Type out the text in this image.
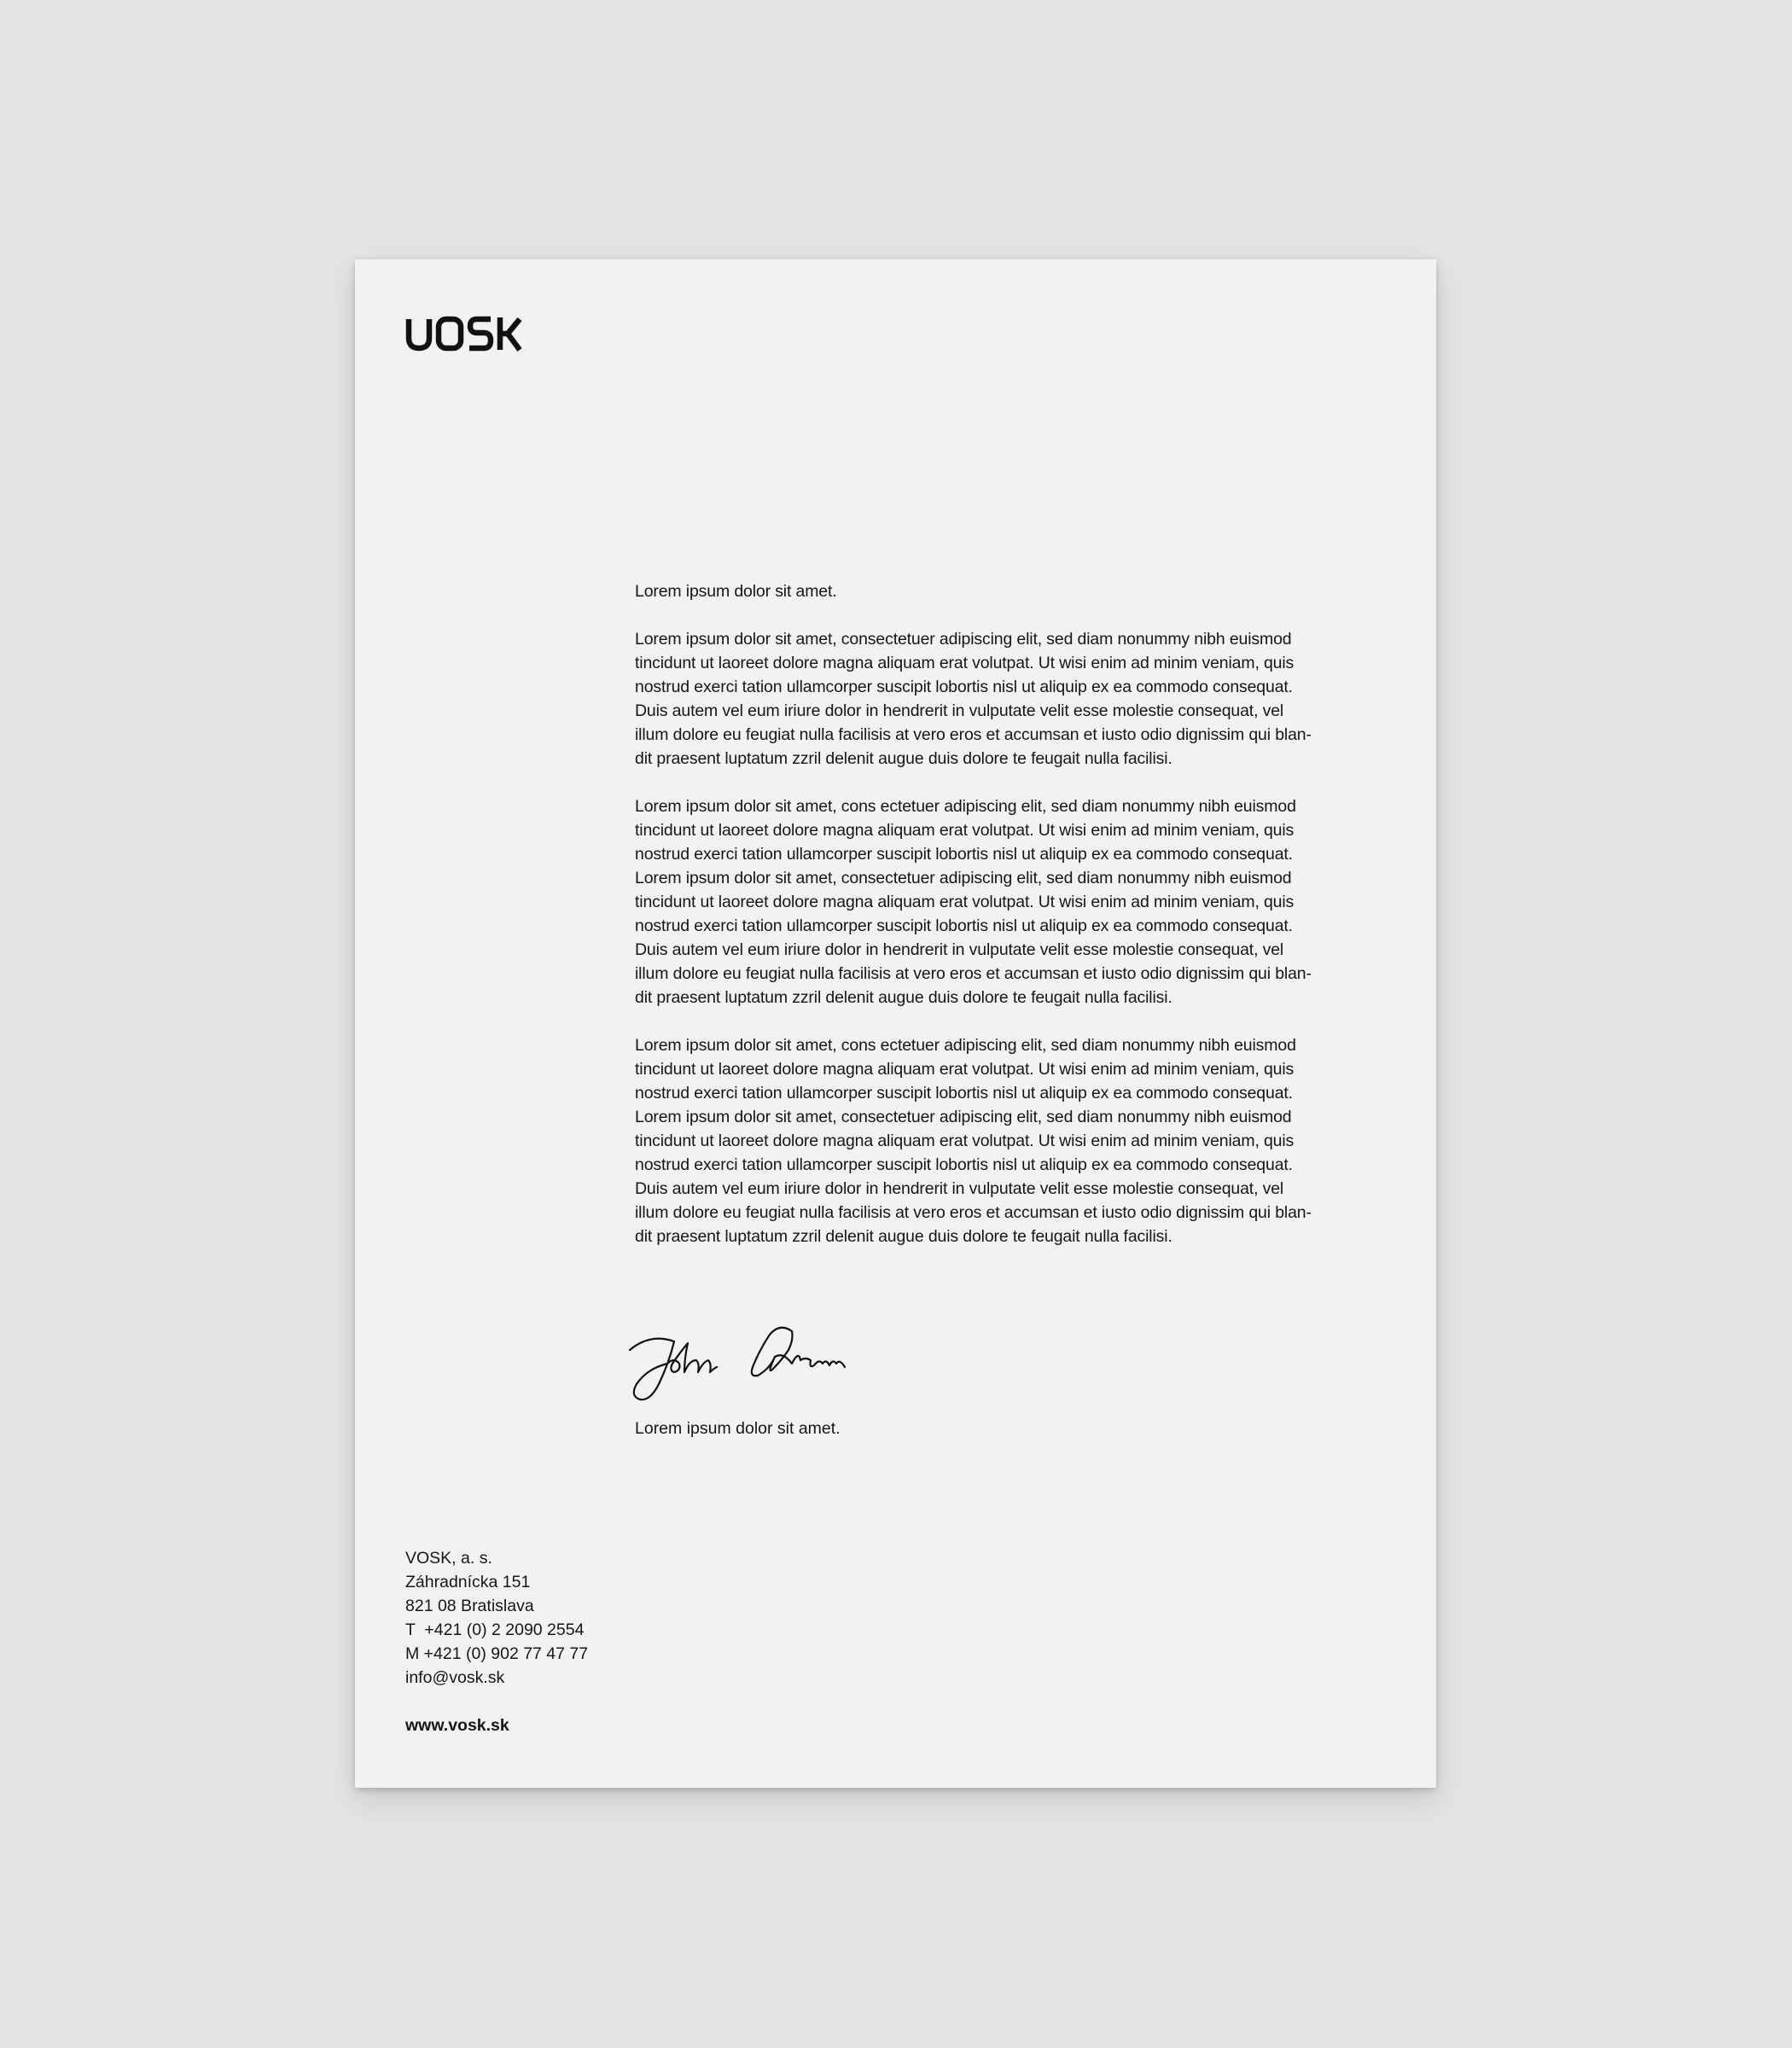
Lorem ipsum dolor sit amet.

Lorem ipsum dolor sit amet, consectetuer adipiscing elit, sed diam nonummy nibh euismod
tincidunt ut laoreet dolore magna aliquam erat volutpat. Ut wisi enim ad minim veniam, quis
nostrud exerci tation ullamcorper suscipit lobortis nisl ut aliquip ex ea commodo consequat.
Duis autem vel eum iriure dolor in hendrerit in vulputate velit esse molestie consequat, vel
illum dolore eu feugiat nulla facilisis at vero eros et accumsan et iusto odio dignissim qui blan-
dit praesent luptatum zzril delenit augue duis dolore te feugait nulla facilisi.

Lorem ipsum dolor sit amet, cons ectetuer adipiscing elit, sed diam nonummy nibh euismod
tincidunt ut laoreet dolore magna aliquam erat volutpat. Ut wisi enim ad minim veniam, quis
nostrud exerci tation ullamcorper suscipit lobortis nisl ut aliquip ex ea commodo consequat.
Lorem ipsum dolor sit amet, consectetuer adipiscing elit, sed diam nonummy nibh euismod
tincidunt ut laoreet dolore magna aliquam erat volutpat. Ut wisi enim ad minim veniam, quis
nostrud exerci tation ullamcorper suscipit lobortis nisl ut aliquip ex ea commodo consequat.
Duis autem vel eum iriure dolor in hendrerit in vulputate velit esse molestie consequat, vel
illum dolore eu feugiat nulla facilisis at vero eros et accumsan et iusto odio dignissim qui blan-
dit praesent luptatum zzril delenit augue duis dolore te feugait nulla facilisi.

Lorem ipsum dolor sit amet, cons ectetuer adipiscing elit, sed diam nonummy nibh euismod
tincidunt ut laoreet dolore magna aliquam erat volutpat. Ut wisi enim ad minim veniam, quis
nostrud exerci tation ullamcorper suscipit lobortis nisl ut aliquip ex ea commodo consequat.
Lorem ipsum dolor sit amet, consectetuer adipiscing elit, sed diam nonummy nibh euismod
tincidunt ut laoreet dolore magna aliquam erat volutpat. Ut wisi enim ad minim veniam, quis
nostrud exerci tation ullamcorper suscipit lobortis nisl ut aliquip ex ea commodo consequat.
Duis autem vel eum iriure dolor in hendrerit in vulputate velit esse molestie consequat, vel
illum dolore eu feugiat nulla facilisis at vero eros et accumsan et iusto odio dignissim qui blan-
dit praesent luptatum zzril delenit augue duis dolore te feugait nulla facilisi.

Lorem ipsum dolor sit amet.
VOSK, a. s.
Záhradnícka 151
821 08 Bratislava
T  +421 (0) 2 2090 2554
M +421 (0) 902 77 47 77
info@vosk.sk
www.vosk.sk
